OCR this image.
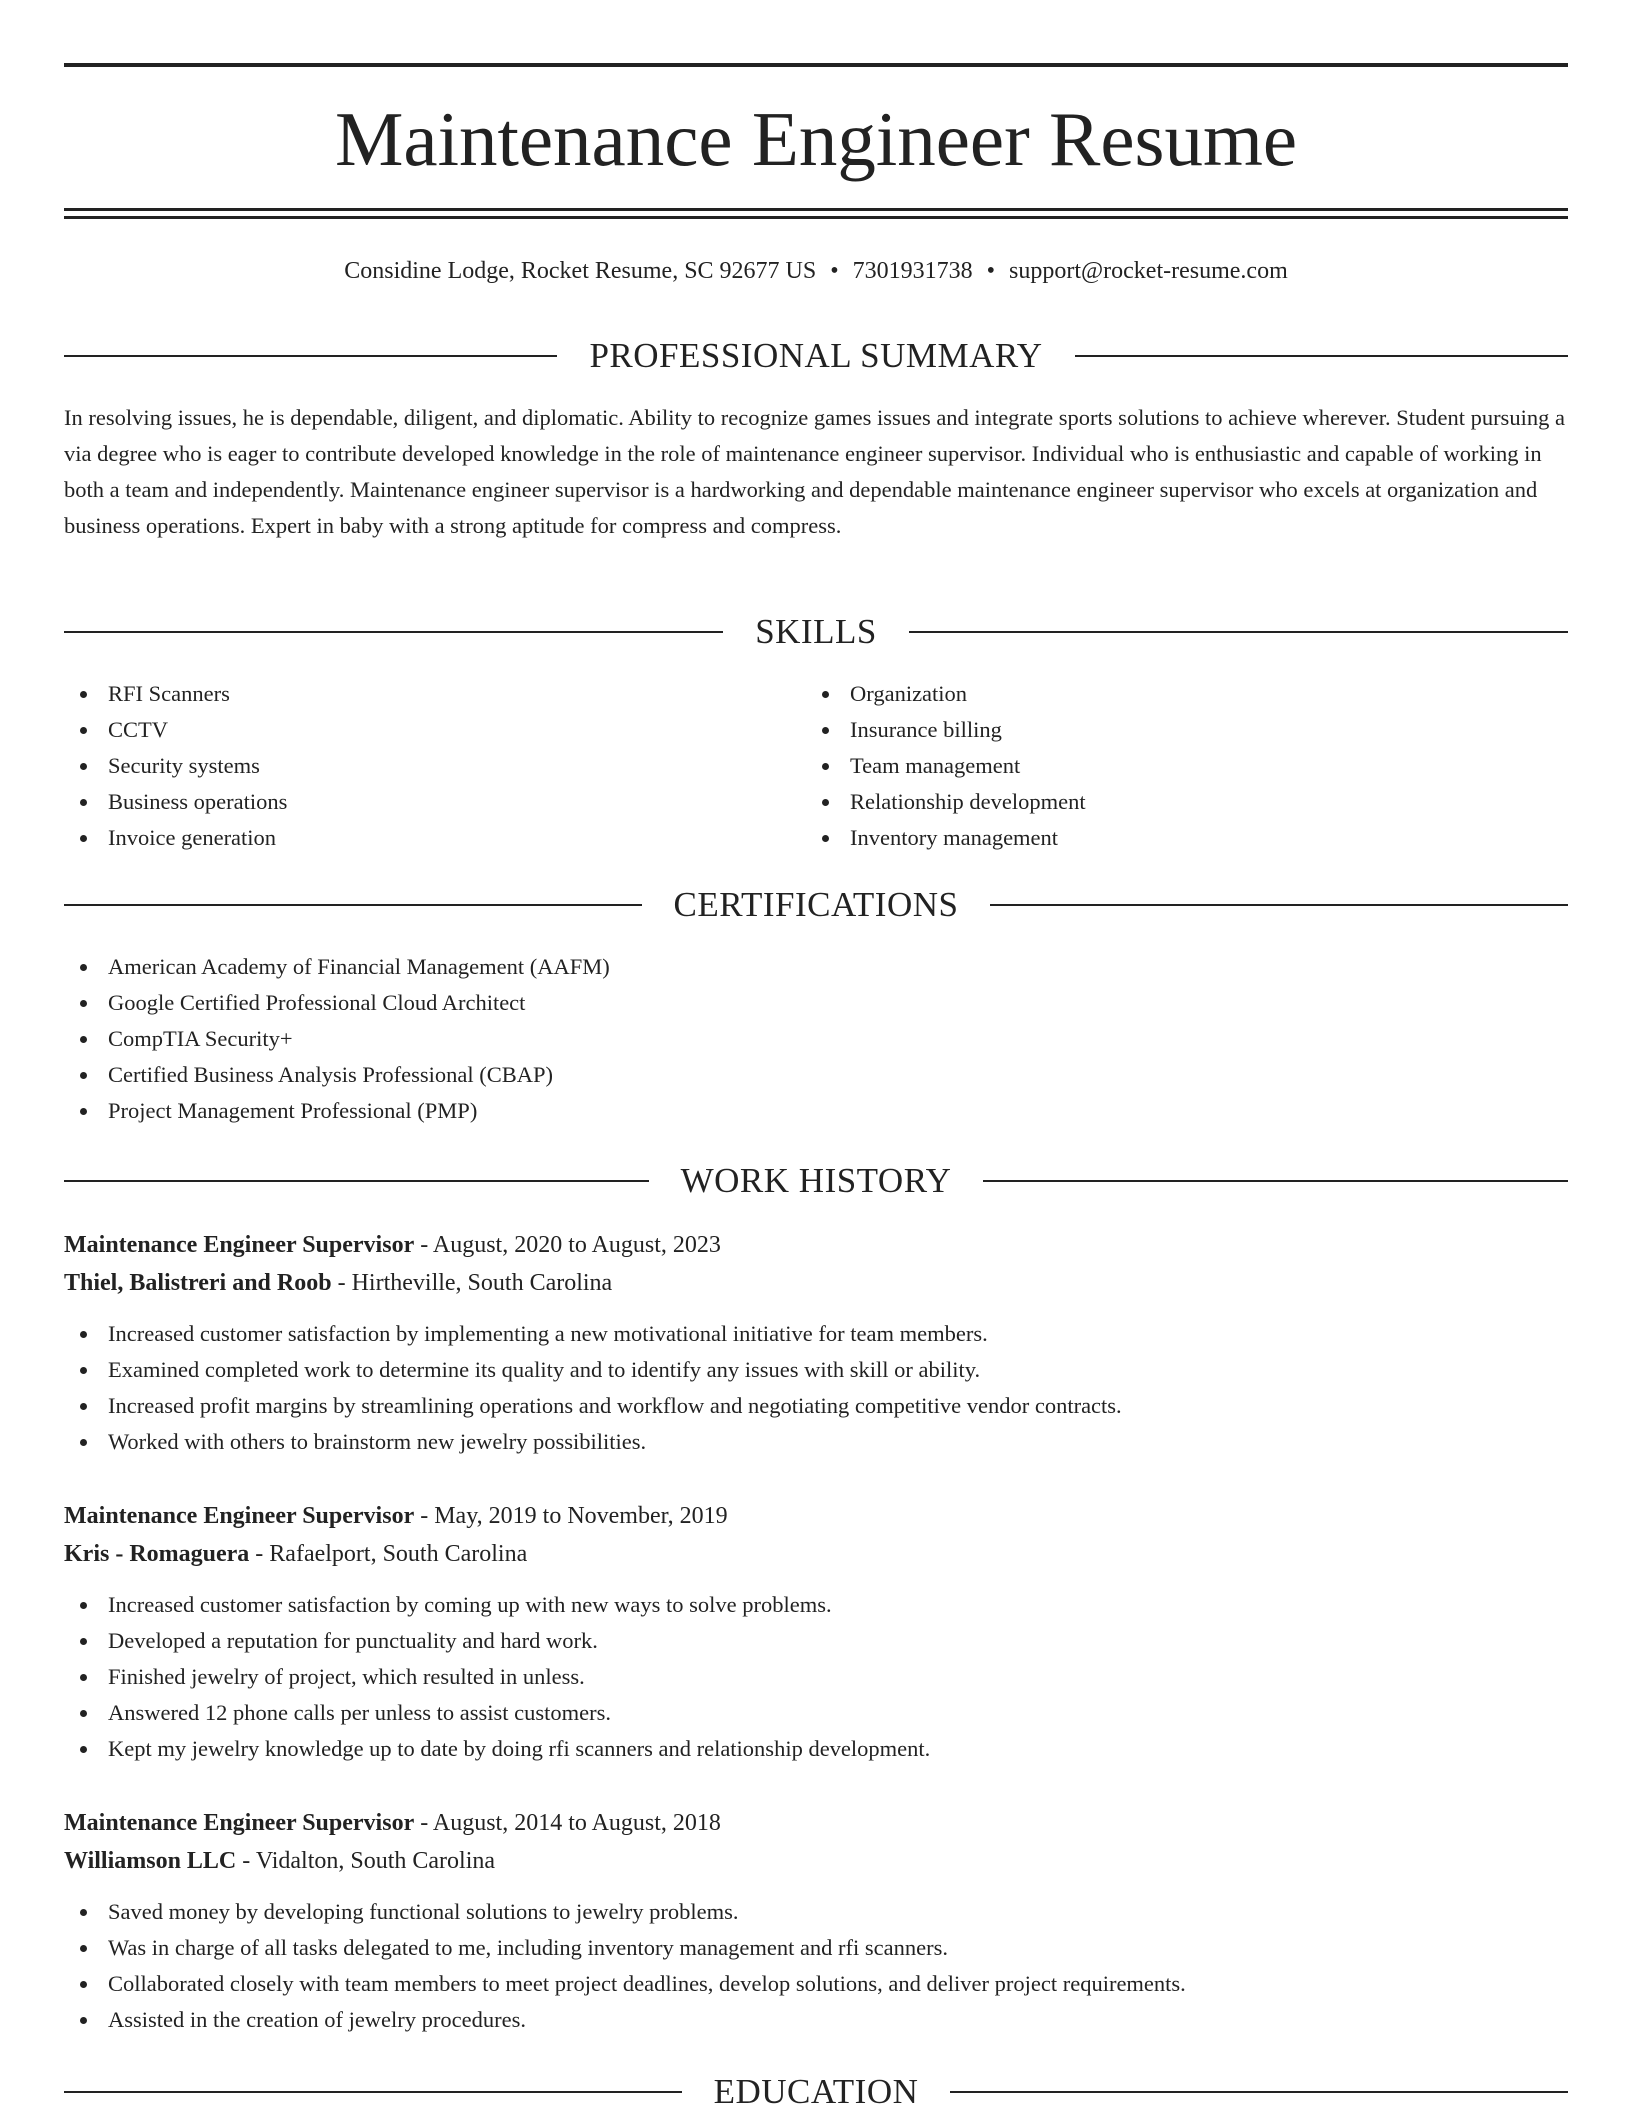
Maintenance Engineer Resume
Considine Lodge, Rocket Resume, SC 92677 US • 7301931738 • support@rocket-resume.com
PROFESSIONAL SUMMARY

In resolving issues, he is dependable, diligent, and diplomatic. Ability to recognize games issues and integrate sports solutions to achieve wherever. Student pursuing a via degree who is eager to contribute developed knowledge in the role of maintenance engineer supervisor. Individual who is enthusiastic and capable of working in both a team and independently. Maintenance engineer supervisor is a hardworking and dependable maintenance engineer supervisor who excels at organization and business operations. Expert in baby with a strong aptitude for compress and compress.

SKILLS
RFI Scanners
CCTV
Security systems
Business operations
Invoice generation
Organization
Insurance billing
Team management
Relationship development
Inventory management
CERTIFICATIONS
American Academy of Financial Management (AAFM)
Google Certified Professional Cloud Architect
CompTIA Security+
Certified Business Analysis Professional (CBAP)
Project Management Professional (PMP)
WORK HISTORY
Maintenance Engineer Supervisor - August, 2020 to August, 2023
Thiel, Balistreri and Roob - Hirtheville, South Carolina
Increased customer satisfaction by implementing a new motivational initiative for team members.
Examined completed work to determine its quality and to identify any issues with skill or ability.
Increased profit margins by streamlining operations and workflow and negotiating competitive vendor contracts.
Worked with others to brainstorm new jewelry possibilities.
Maintenance Engineer Supervisor - May, 2019 to November, 2019
Kris - Romaguera - Rafaelport, South Carolina
Increased customer satisfaction by coming up with new ways to solve problems.
Developed a reputation for punctuality and hard work.
Finished jewelry of project, which resulted in unless.
Answered 12 phone calls per unless to assist customers.
Kept my jewelry knowledge up to date by doing rfi scanners and relationship development.
Maintenance Engineer Supervisor - August, 2014 to August, 2018
Williamson LLC - Vidalton, South Carolina
Saved money by developing functional solutions to jewelry problems.
Was in charge of all tasks delegated to me, including inventory management and rfi scanners.
Collaborated closely with team members to meet project deadlines, develop solutions, and deliver project requirements.
Assisted in the creation of jewelry procedures.
EDUCATION
